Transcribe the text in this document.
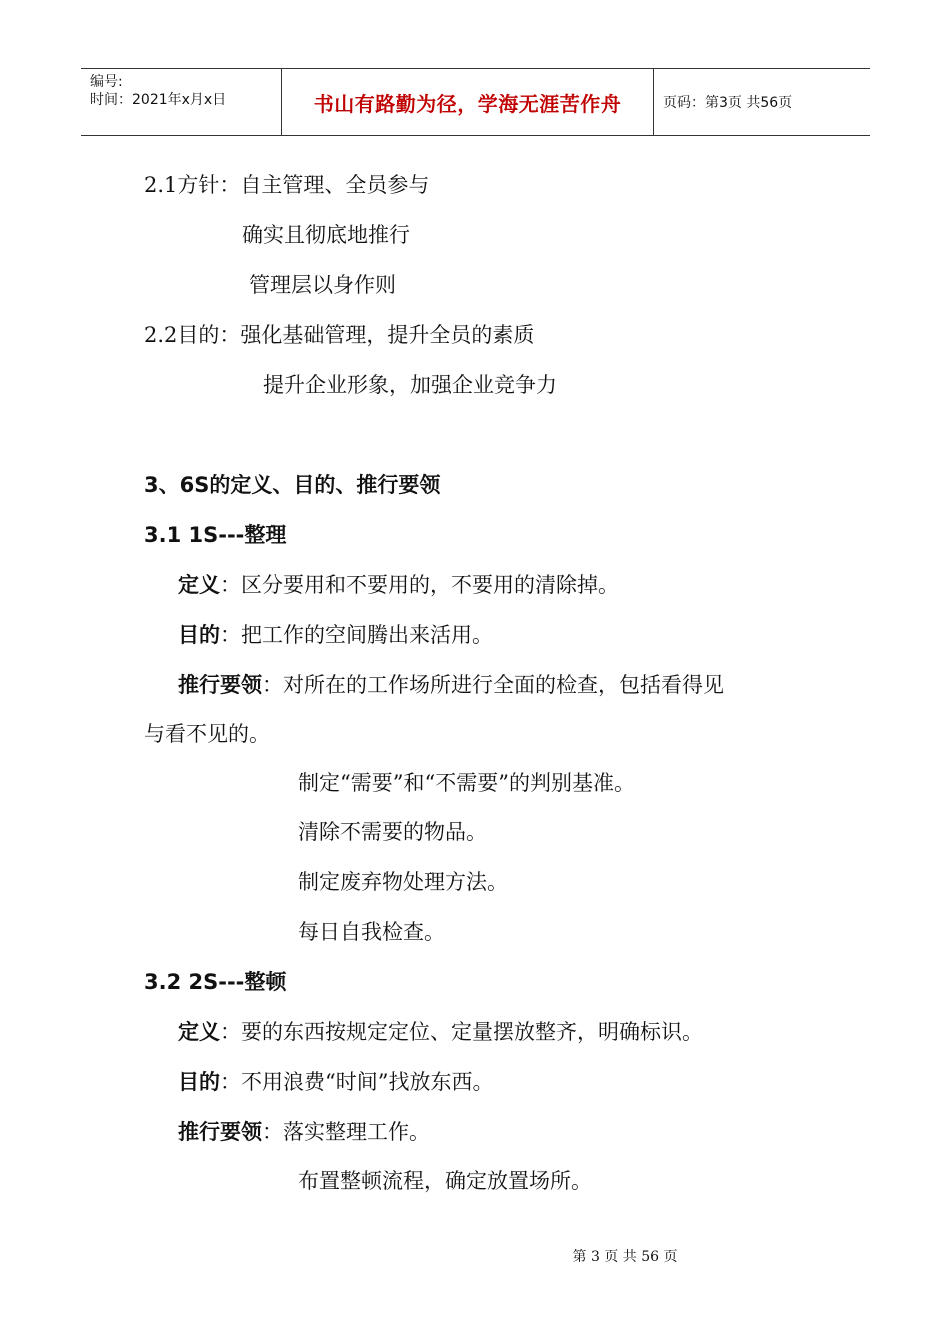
编号:
时间：2021年x月x日	书山有路勤为径，学海无涯苦作舟	页码：第3页 共56页
2.1方针：自主管理、全员参与
确实且彻底地推行
管理层以身作则
2.2目的：强化基础管理，提升全员的素质
提升企业形象，加强企业竞争力
3、6S的定义、目的、推行要领
3.1 1S---整理
定义：区分要用和不要用的，不要用的清除掉。
目的：把工作的空间腾出来活用。
推行要领：对所在的工作场所进行全面的检查，包括看得见
与看不见的。
制定“需要”和“不需要”的判别基准。
清除不需要的物品。
制定废弃物处理方法。
每日自我检查。
3.2 2S---整顿
定义：要的东西按规定定位、定量摆放整齐，明确标识。
目的：不用浪费“时间”找放东西。
推行要领：落实整理工作。
布置整顿流程，确定放置场所。
第 3 页 共 56 页
